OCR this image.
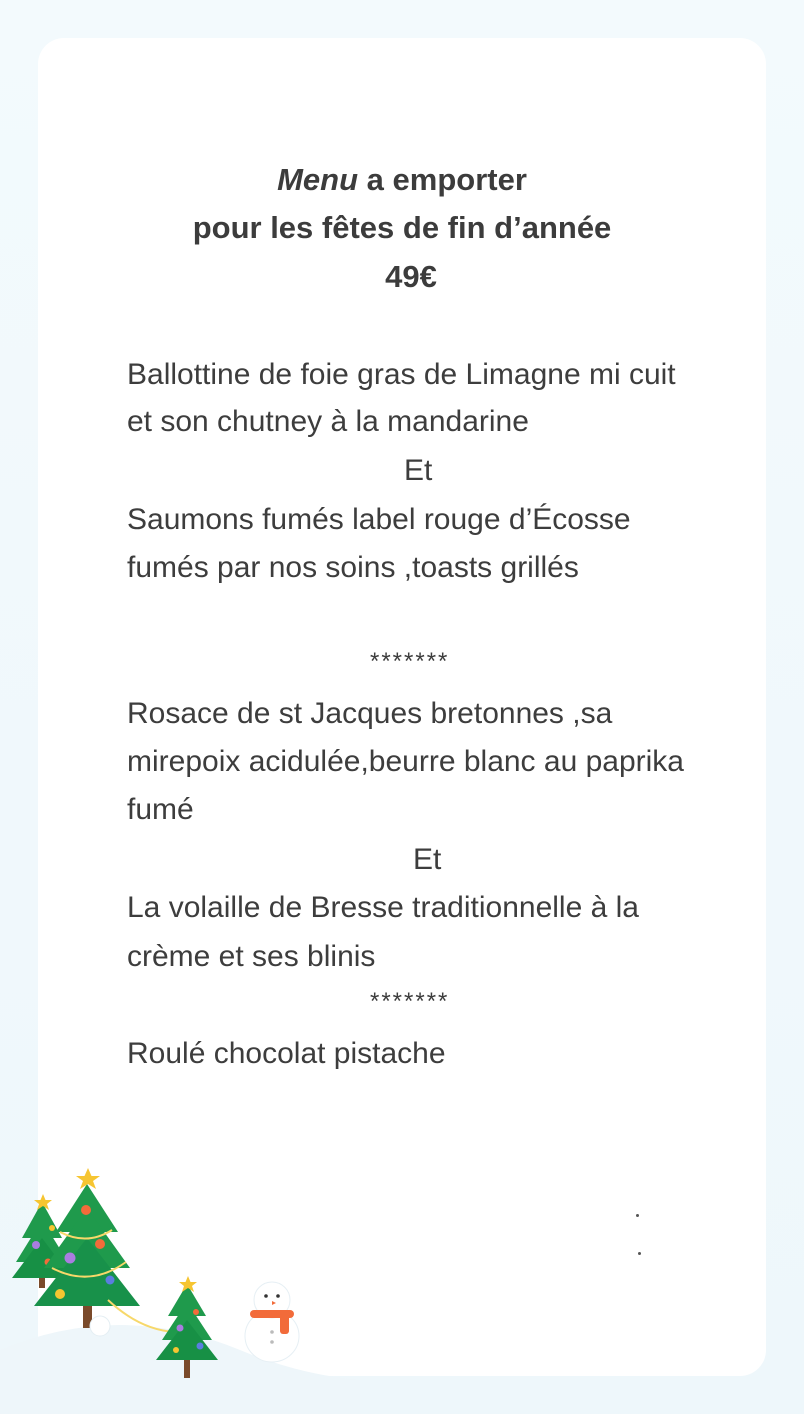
Menu a emporter
pour les fêtes de fin d’année
49€
Ballottine de foie gras de Limagne mi cuit
et son chutney à la mandarine
Et
Saumons fumés label rouge d’Écosse
fumés par nos soins ,toasts grillés
*******
Rosace de st Jacques bretonnes ,sa
mirepoix acidulée,beurre blanc au paprika
fumé
Et
La volaille de Bresse traditionnelle à la
crème et ses blinis
*******
Roulé chocolat pistache
